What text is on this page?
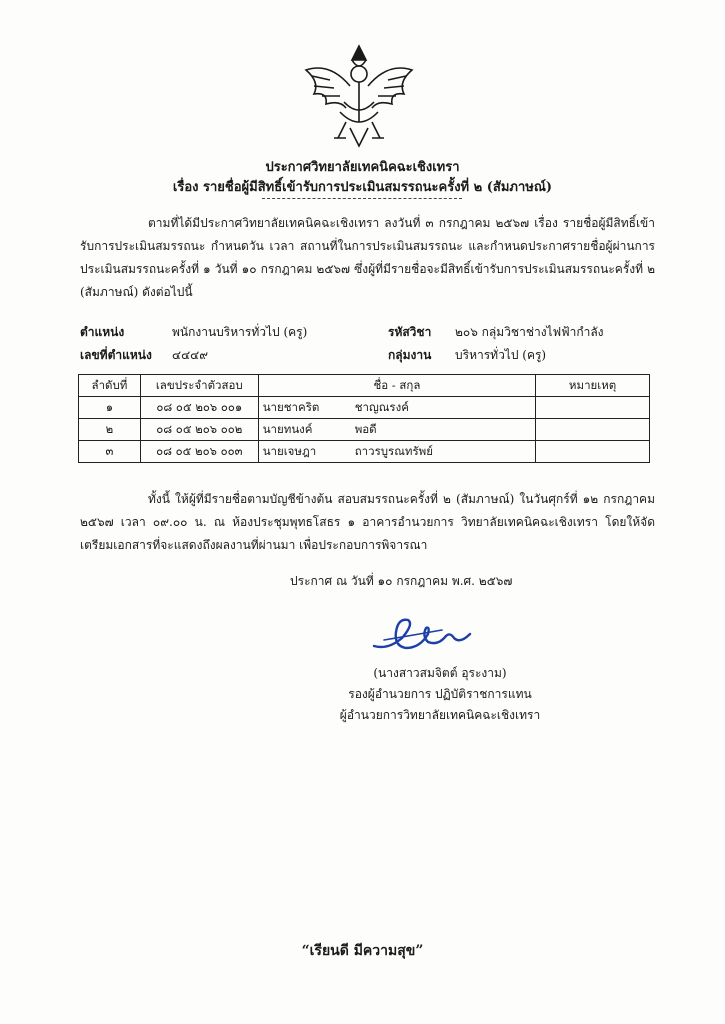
ประกาศวิทยาลัยเทคนิคฉะเชิงเทรา
เรื่อง รายชื่อผู้มีสิทธิ์เข้ารับการประเมินสมรรถนะครั้งที่ ๒ (สัมภาษณ์)
ตามที่ได้มีประกาศวิทยาลัยเทคนิคฉะเชิงเทรา ลงวันที่ ๓ กรกฎาคม ๒๕๖๗ เรื่อง รายชื่อผู้มีสิทธิ์เข้ารับการประเมินสมรรถนะ กำหนดวัน เวลา สถานที่ในการประเมินสมรรถนะ และกำหนดประกาศรายชื่อผู้ผ่านการประเมินสมรรถนะครั้งที่ ๑ วันที่ ๑๐ กรกฎาคม ๒๕๖๗ ซึ่งผู้ที่มีรายชื่อจะมีสิทธิ์เข้ารับการประเมินสมรรถนะครั้งที่ ๒ (สัมภาษณ์) ดังต่อไปนี้
ตำแหน่ง	พนักงานบริหารทั่วไป (ครู)	รหัสวิชา ๒๐๖ กลุ่มวิชาช่างไฟฟ้ากำลัง
เลขที่ตำแหน่ง ๔๔๔๙	กลุ่มงาน บริหารทั่วไป (ครู)
ลำดับที่	เลขประจำตัวสอบ	ชื่อ - สกุล	หมายเหตุ
๑	๐๘ ๐๕ ๒๐๖ ๐๐๑	นายชาคริต ชาญณรงค์	
๒	๐๘ ๐๕ ๒๐๖ ๐๐๒	นายทนงค์ พอดี	
๓	๐๘ ๐๕ ๒๐๖ ๐๐๓	นายเจษฎา ถาวรบูรณทรัพย์	
ทั้งนี้ ให้ผู้ที่มีรายชื่อตามบัญชีข้างต้น สอบสมรรถนะครั้งที่ ๒ (สัมภาษณ์) ในวันศุกร์ที่ ๑๒ กรกฎาคม ๒๕๖๗ เวลา ๐๙.๐๐ น. ณ ห้องประชุมพุทธโสธร ๑ อาคารอำนวยการ วิทยาลัยเทคนิคฉะเชิงเทรา โดยให้จัดเตรียมเอกสารที่จะแสดงถึงผลงานที่ผ่านมา เพื่อประกอบการพิจารณา
ประกาศ ณ วันที่ ๑๐ กรกฎาคม พ.ศ. ๒๕๖๗
(นางสาวสมจิตต์ อุระงาม)
รองผู้อำนวยการ ปฏิบัติราชการแทน
ผู้อำนวยการวิทยาลัยเทคนิคฉะเชิงเทรา
“เรียนดี มีความสุข”
